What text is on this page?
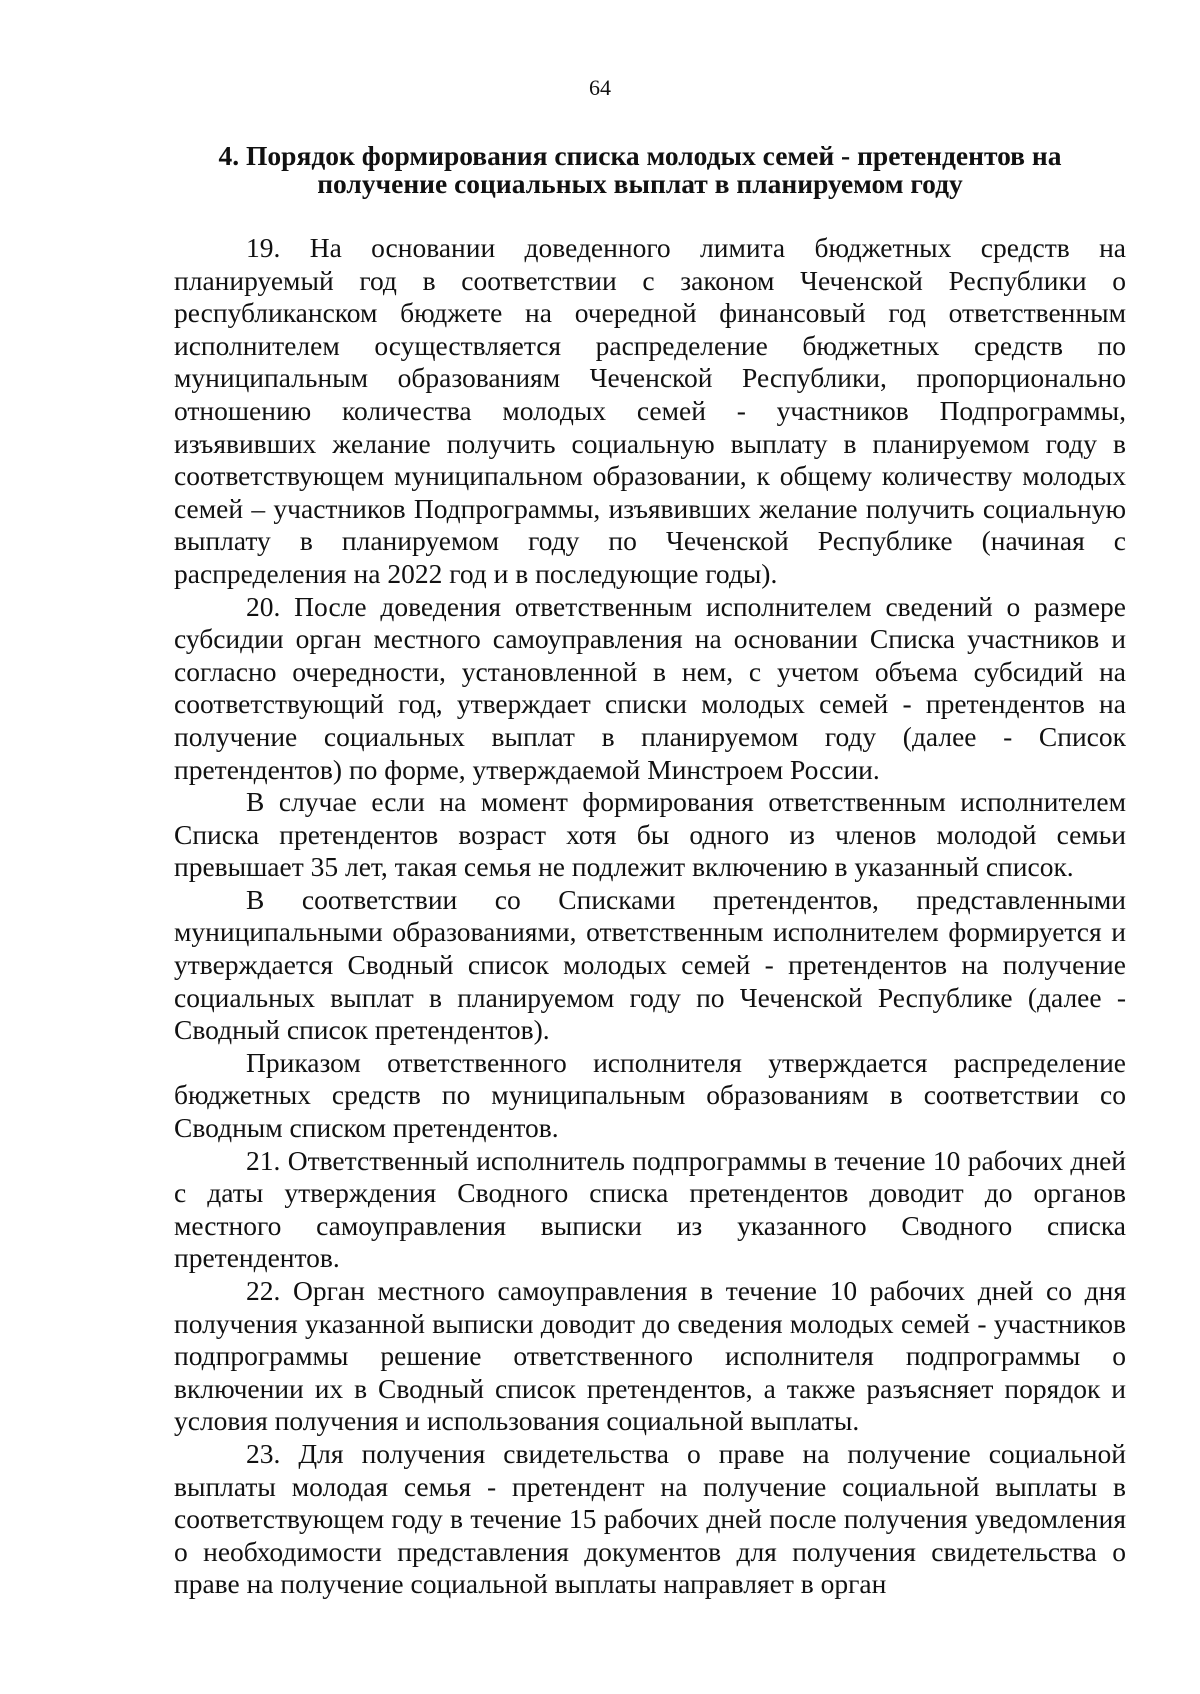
64
4. Порядок формирования списка молодых семей - претендентов на
получение социальных выплат в планируемом году

19. На основании доведенного лимита бюджетных средств на планируемый год в соответствии с законом Чеченской Республики о республиканском бюджете на очередной финансовый год ответственным исполнителем осуществляется распределение бюджетных средств по муниципальным образованиям Чеченской Республики, пропорционально отношению количества молодых семей - участников Подпрограммы, изъявивших желание получить социальную выплату в планируемом году в соответствующем муниципальном образовании, к общему количеству молодых семей – участников Подпрограммы, изъявивших желание получить социальную выплату в планируемом году по Чеченской Республике (начиная с распределения на 2022 год и в последующие годы).

20. После доведения ответственным исполнителем сведений о размере субсидии орган местного самоуправления на основании Списка участников и согласно очередности, установленной в нем, с учетом объема субсидий на соответствующий год, утверждает списки молодых семей - претендентов на получение социальных выплат в планируемом году (далее - Список претендентов) по форме, утверждаемой Минстроем России.

В случае если на момент формирования ответственным исполнителем Списка претендентов возраст хотя бы одного из членов молодой семьи превышает 35 лет, такая семья не подлежит включению в указанный список.

В соответствии со Списками претендентов, представленными муниципальными образованиями, ответственным исполнителем формируется и утверждается Сводный список молодых семей - претендентов на получение социальных выплат в планируемом году по Чеченской Республике (далее - Сводный список претендентов).

Приказом ответственного исполнителя утверждается распределение бюджетных средств по муниципальным образованиям в соответствии со Сводным списком претендентов.

21. Ответственный исполнитель подпрограммы в течение 10 рабочих дней с даты утверждения Сводного списка претендентов доводит до органов местного самоуправления выписки из указанного Сводного списка претендентов.

22. Орган местного самоуправления в течение 10 рабочих дней со дня получения указанной выписки доводит до сведения молодых семей - участников подпрограммы решение ответственного исполнителя подпрограммы о включении их в Сводный список претендентов, а также разъясняет порядок и условия получения и использования социальной выплаты.

23. Для получения свидетельства о праве на получение социальной выплаты молодая семья - претендент на получение социальной выплаты в соответствующем году в течение 15 рабочих дней после получения уведомления о необходимости представления документов для получения свидетельства о праве на получение социальной выплаты направляет в орган
